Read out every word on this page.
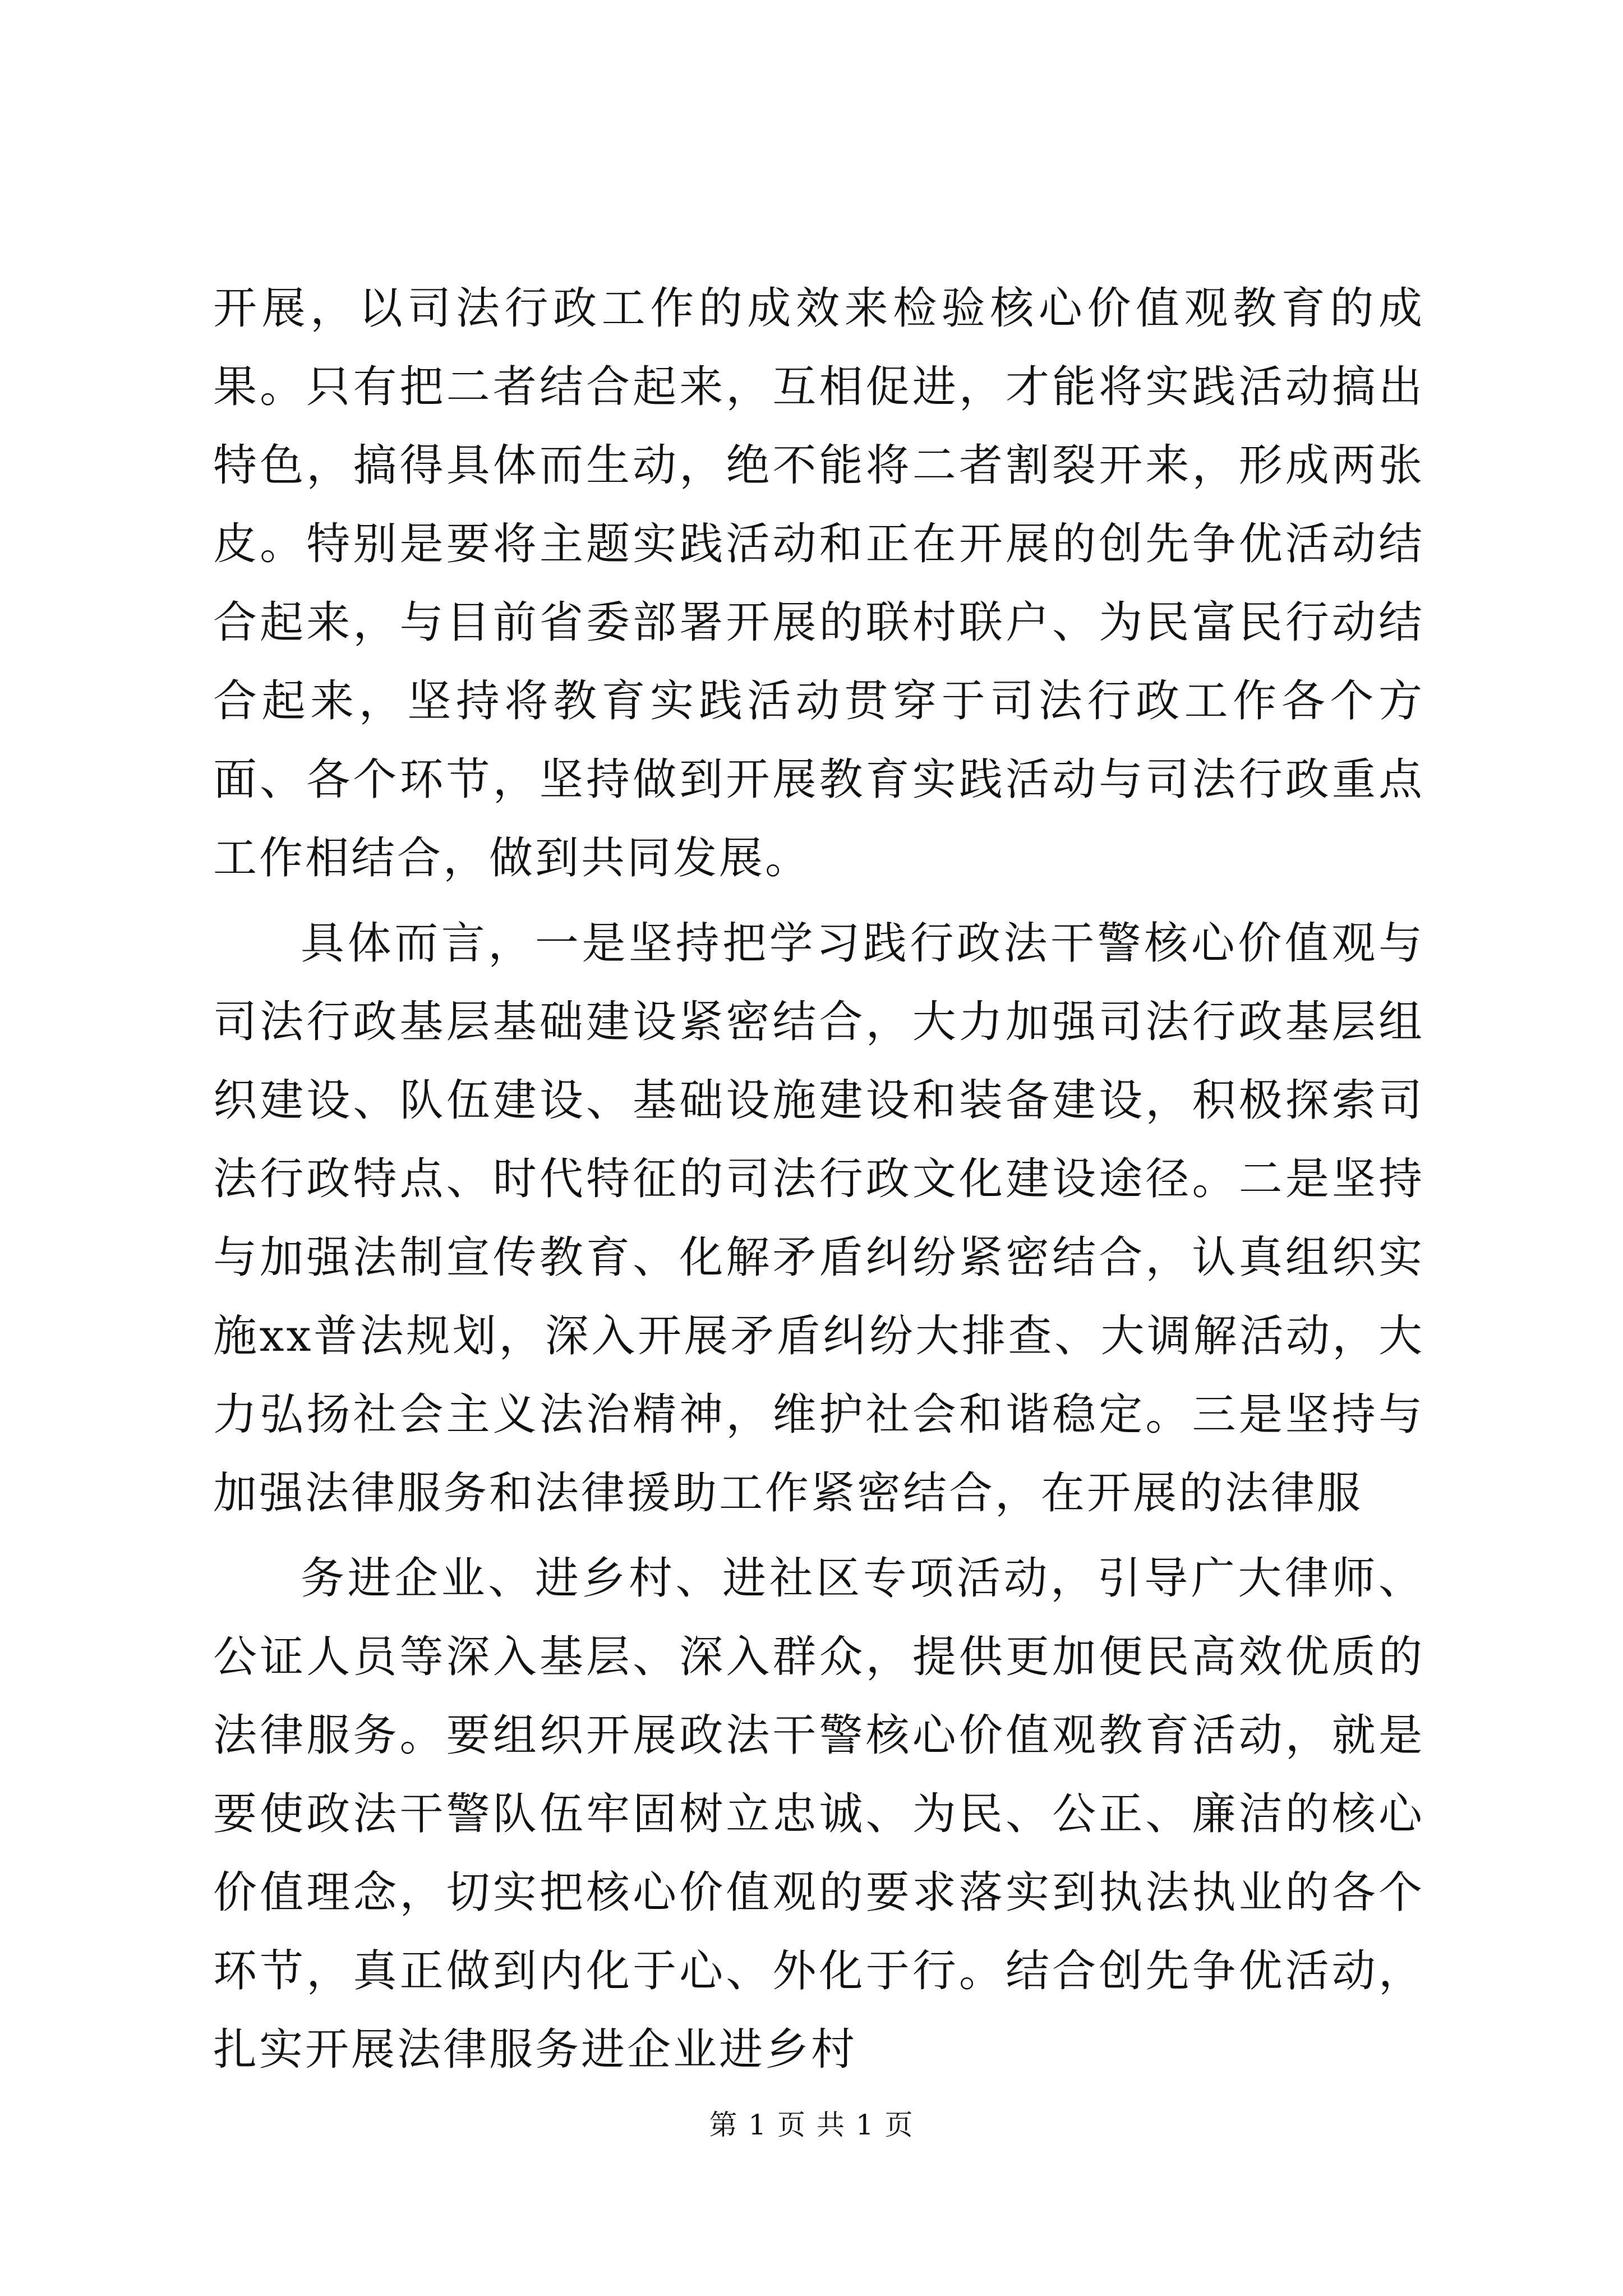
开展，以司法行政工作的成效来检验核心价值观教育的成果。只有把二者结合起来，互相促进，才能将实践活动搞出特色，搞得具体而生动，绝不能将二者割裂开来，形成两张皮。特别是要将主题实践活动和正在开展的创先争优活动结合起来，与目前省委部署开展的联村联户、为民富民行动结合起来，坚持将教育实践活动贯穿于司法行政工作各个方面、各个环节，坚持做到开展教育实践活动与司法行政重点工作相结合，做到共同发展。

具体而言，一是坚持把学习践行政法干警核心价值观与司法行政基层基础建设紧密结合，大力加强司法行政基层组织建设、队伍建设、基础设施建设和装备建设，积极探索司法行政特点、时代特征的司法行政文化建设途径。二是坚持与加强法制宣传教育、化解矛盾纠纷紧密结合，认真组织实施xx普法规划，深入开展矛盾纠纷大排查、大调解活动，大力弘扬社会主义法治精神，维护社会和谐稳定。三是坚持与加强法律服务和法律援助工作紧密结合，在开展的法律服

务进企业、进乡村、进社区专项活动，引导广大律师、公证人员等深入基层、深入群众，提供更加便民高效优质的法律服务。要组织开展政法干警核心价值观教育活动，就是要使政法干警队伍牢固树立忠诚、为民、公正、廉洁的核心价值理念，切实把核心价值观的要求落实到执法执业的各个环节，真正做到内化于心、外化于行。结合创先争优活动，扎实开展法律服务进企业进乡村

第 1 页 共 1 页
